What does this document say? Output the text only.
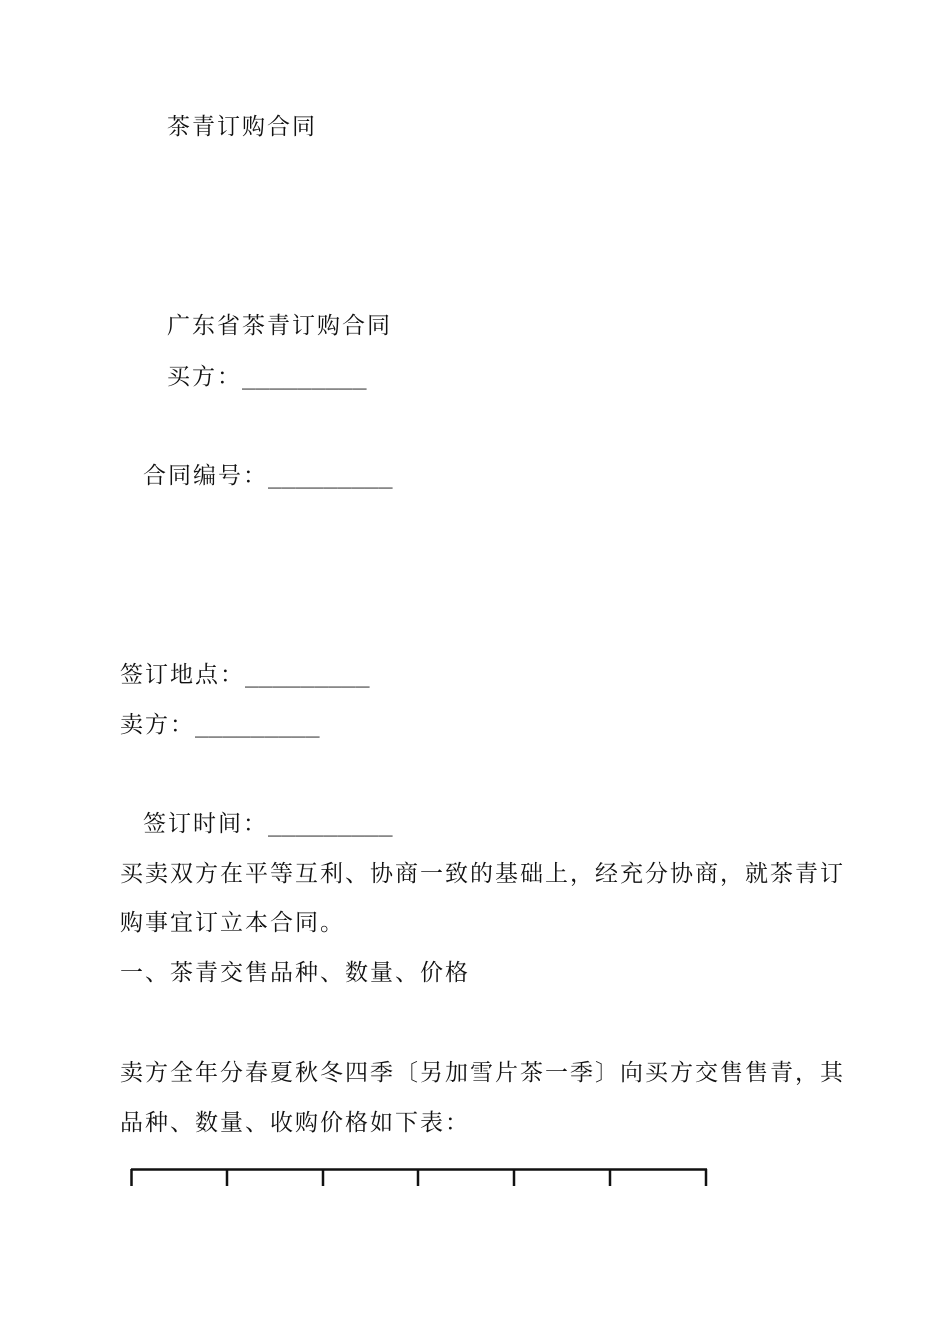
茶青订购合同
广东省茶青订购合同
买方：_________
合同编号：_________
签订地点：_________
卖方：_________
签订时间：_________
买卖双方在平等互利、协商一致的基础上，经充分协商，就茶青订
购事宜订立本合同。
一、茶青交售品种、数量、价格
卖方全年分春夏秋冬四季〔另加雪片茶一季〕向买方交售售青，其
品种、数量、收购价格如下表：
